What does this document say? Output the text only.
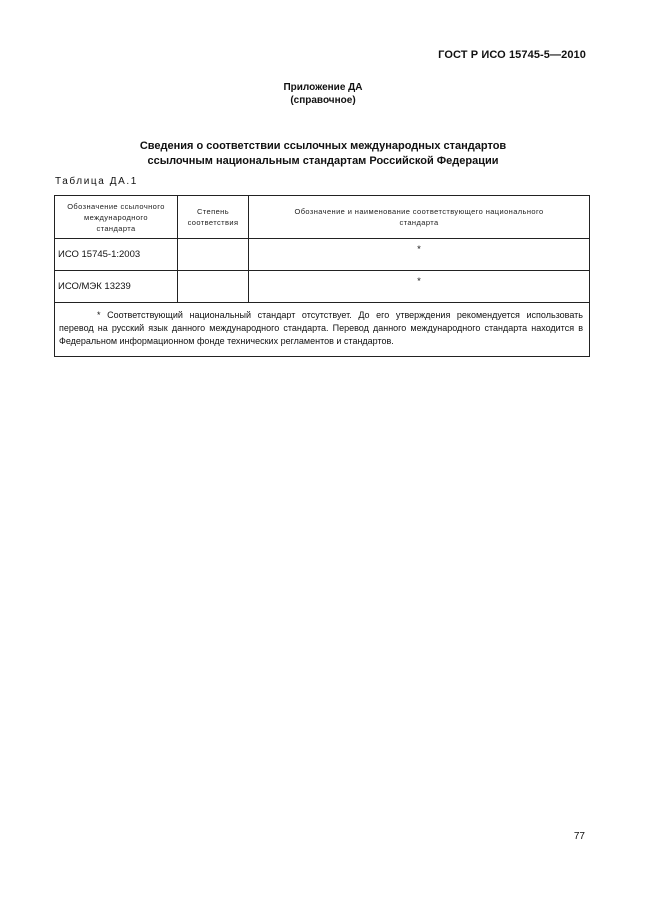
ГОСТ Р ИСО 15745-5—2010
Приложение ДА
(справочное)
Сведения о соответствии ссылочных международных стандартов
ссылочным национальным стандартам Российской Федерации
Таблица ДА.1
Обозначение ссылочного международного стандарта	Степень соответствия	Обозначение и наименование соответствующего национального стандарта
ИСО 15745-1:2003		*
ИСО/МЭК 13239		*
* Соответствующий национальный стандарт отсутствует. До его утверждения рекомендуется использовать перевод на русский язык данного международного стандарта. Перевод данного международного стандарта находится в Федеральном информационном фонде технических регламентов и стандартов.		
77
